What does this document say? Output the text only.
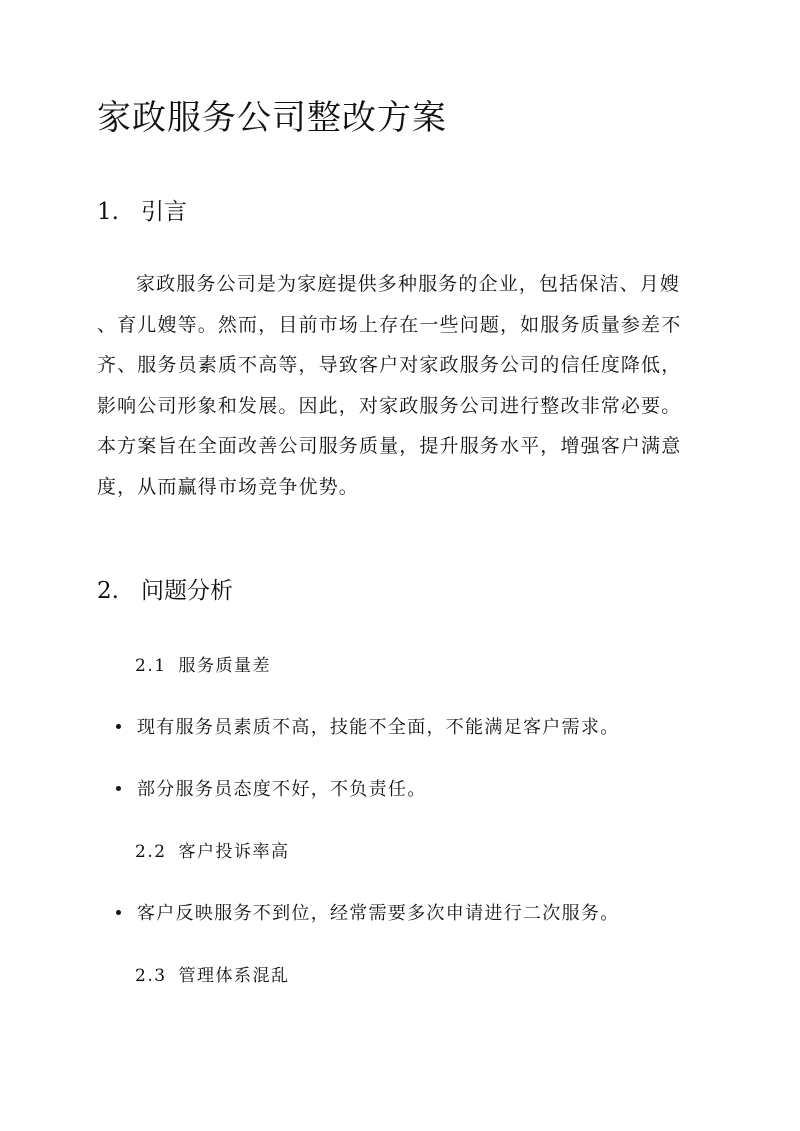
家政服务公司整改方案
1. 引言

家政服务公司是为家庭提供多种服务的企业，包括保洁、月嫂
、育儿嫂等。然而，目前市场上存在一些问题，如服务质量参差不
齐、服务员素质不高等，导致客户对家政服务公司的信任度降低，
影响公司形象和发展。因此，对家政服务公司进行整改非常必要。
本方案旨在全面改善公司服务质量，提升服务水平，增强客户满意
度，从而赢得市场竞争优势。

2. 问题分析
2.1 服务质量差
现有服务员素质不高，技能不全面，不能满足客户需求。
部分服务员态度不好，不负责任。
2.2 客户投诉率高
客户反映服务不到位，经常需要多次申请进行二次服务。
2.3 管理体系混乱
